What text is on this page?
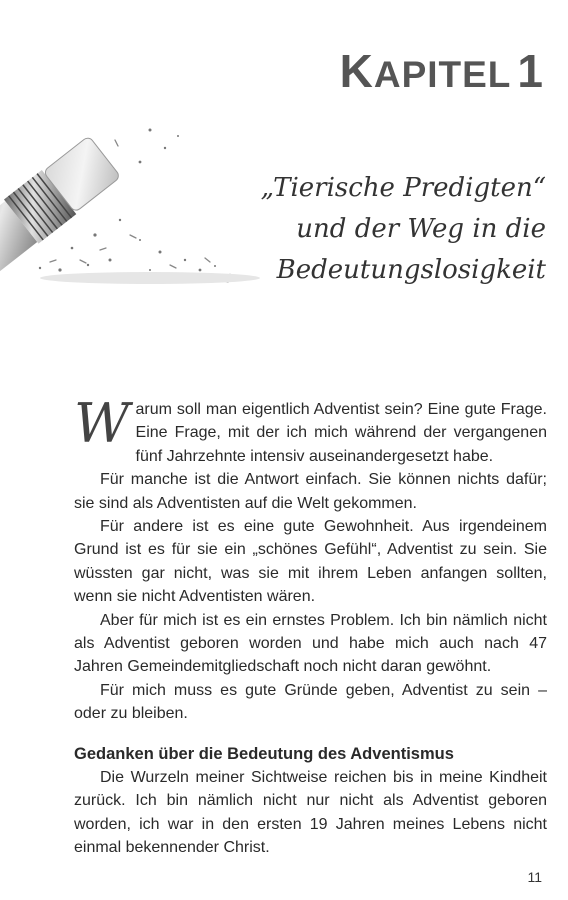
KAPITEL 1
„Tierische Predigten“
und der Weg in die
Bedeutungslosigkeit

Warum soll man eigentlich Adventist sein? Eine gute Frage. Eine Frage, mit der ich mich während der vergangenen fünf Jahrzehnte intensiv auseinandergesetzt habe.

Für manche ist die Antwort einfach. Sie können nichts dafür; sie sind als Adventisten auf die Welt gekommen.

Für andere ist es eine gute Gewohnheit. Aus irgendeinem Grund ist es für sie ein „schönes Gefühl“, Adventist zu sein. Sie wüssten gar nicht, was sie mit ihrem Leben anfangen sollten, wenn sie nicht Adventisten wären.

Aber für mich ist es ein ernstes Problem. Ich bin nämlich nicht als Adventist geboren worden und habe mich auch nach 47 Jahren Gemeindemitgliedschaft noch nicht daran gewöhnt.

Für mich muss es gute Gründe geben, Adventist zu sein – oder zu bleiben.

Gedanken über die Bedeutung des Adventismus

Die Wurzeln meiner Sichtweise reichen bis in meine Kindheit zurück. Ich bin nämlich nicht nur nicht als Adventist geboren worden, ich war in den ersten 19 Jahren meines Lebens nicht einmal bekennender Christ.

11
